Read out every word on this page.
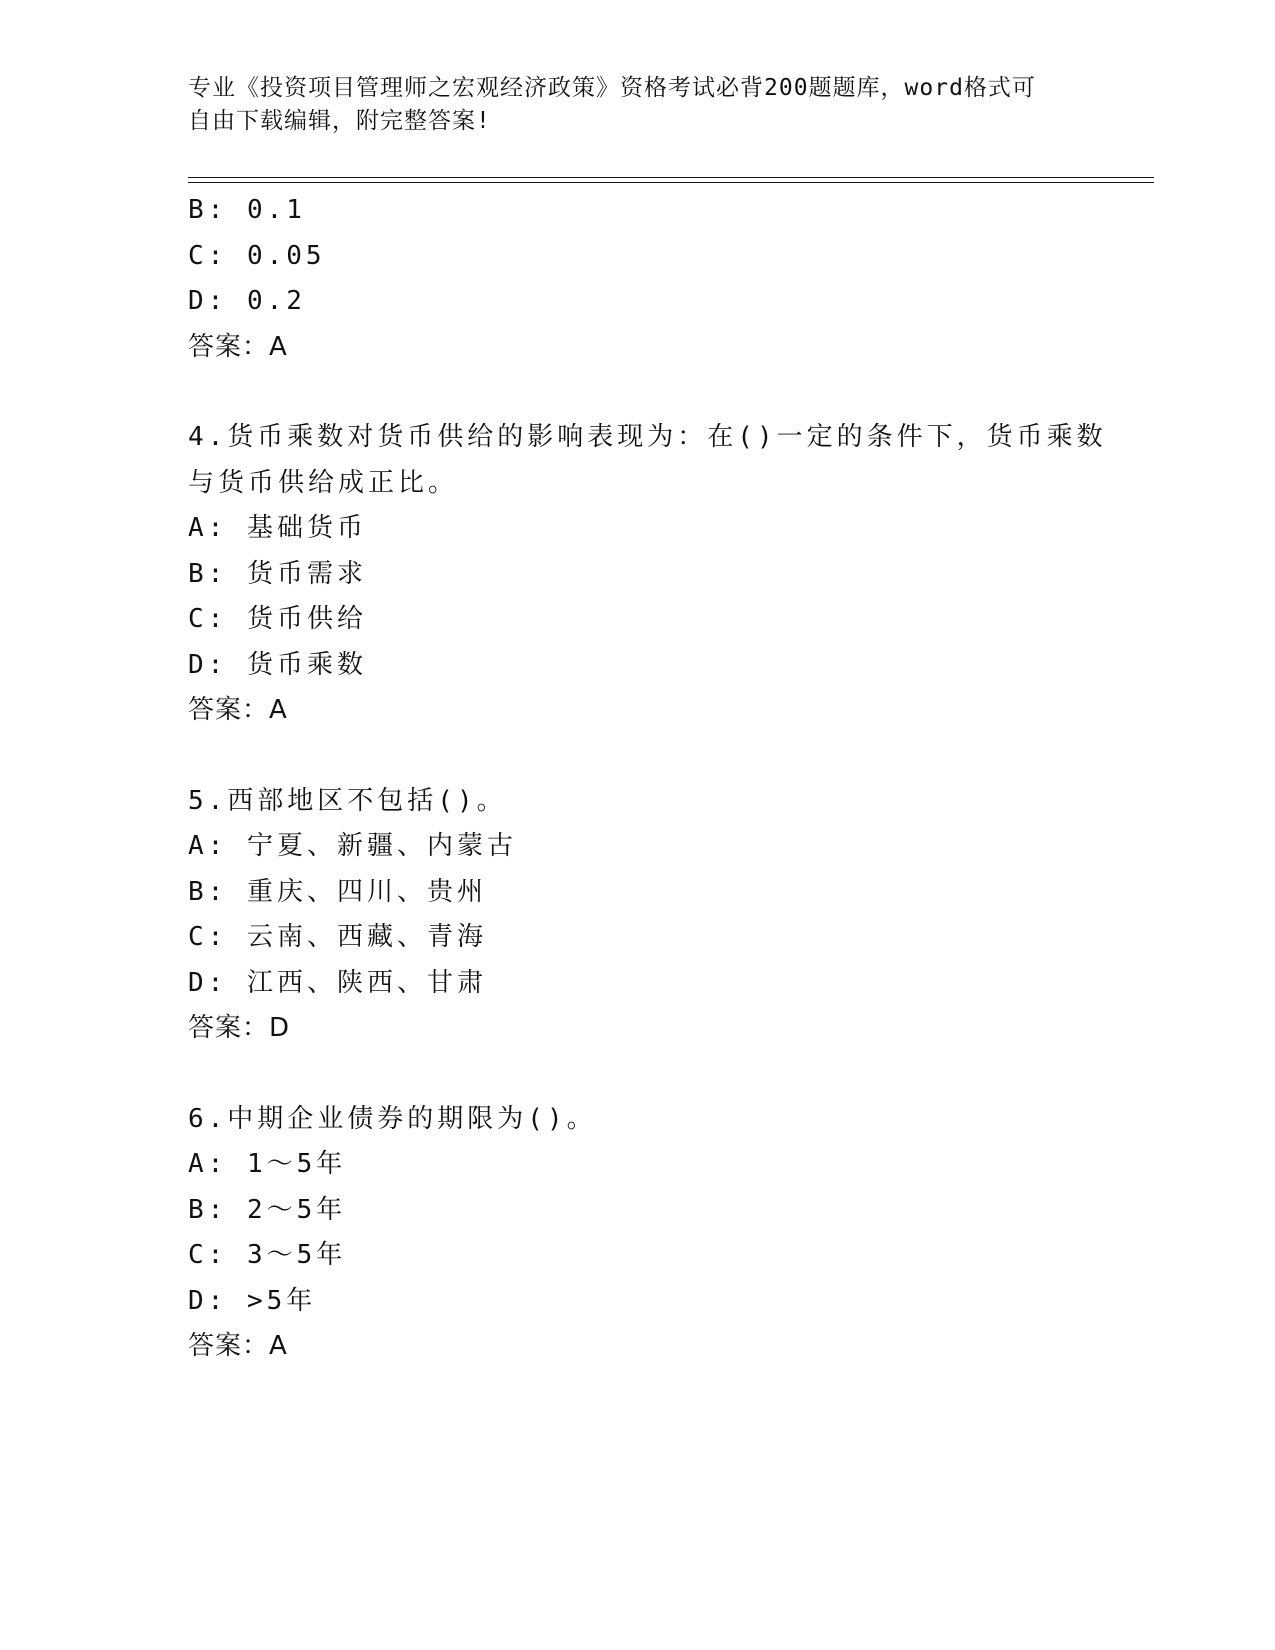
专业《投资项目管理师之宏观经济政策》资格考试必背200题题库，word格式可
自由下载编辑，附完整答案!
B: 0.1
C: 0.05
D: 0.2
答案：A
4.货币乘数对货币供给的影响表现为：在()一定的条件下，货币乘数
与货币供给成正比。
A: 基础货币
B: 货币需求
C: 货币供给
D: 货币乘数
答案：A
5.西部地区不包括()。
A: 宁夏、新疆、内蒙古
B: 重庆、四川、贵州
C: 云南、西藏、青海
D: 江西、陕西、甘肃
答案：D
6.中期企业债券的期限为()。
A: 1～5年
B: 2～5年
C: 3～5年
D: >5年
答案：A
